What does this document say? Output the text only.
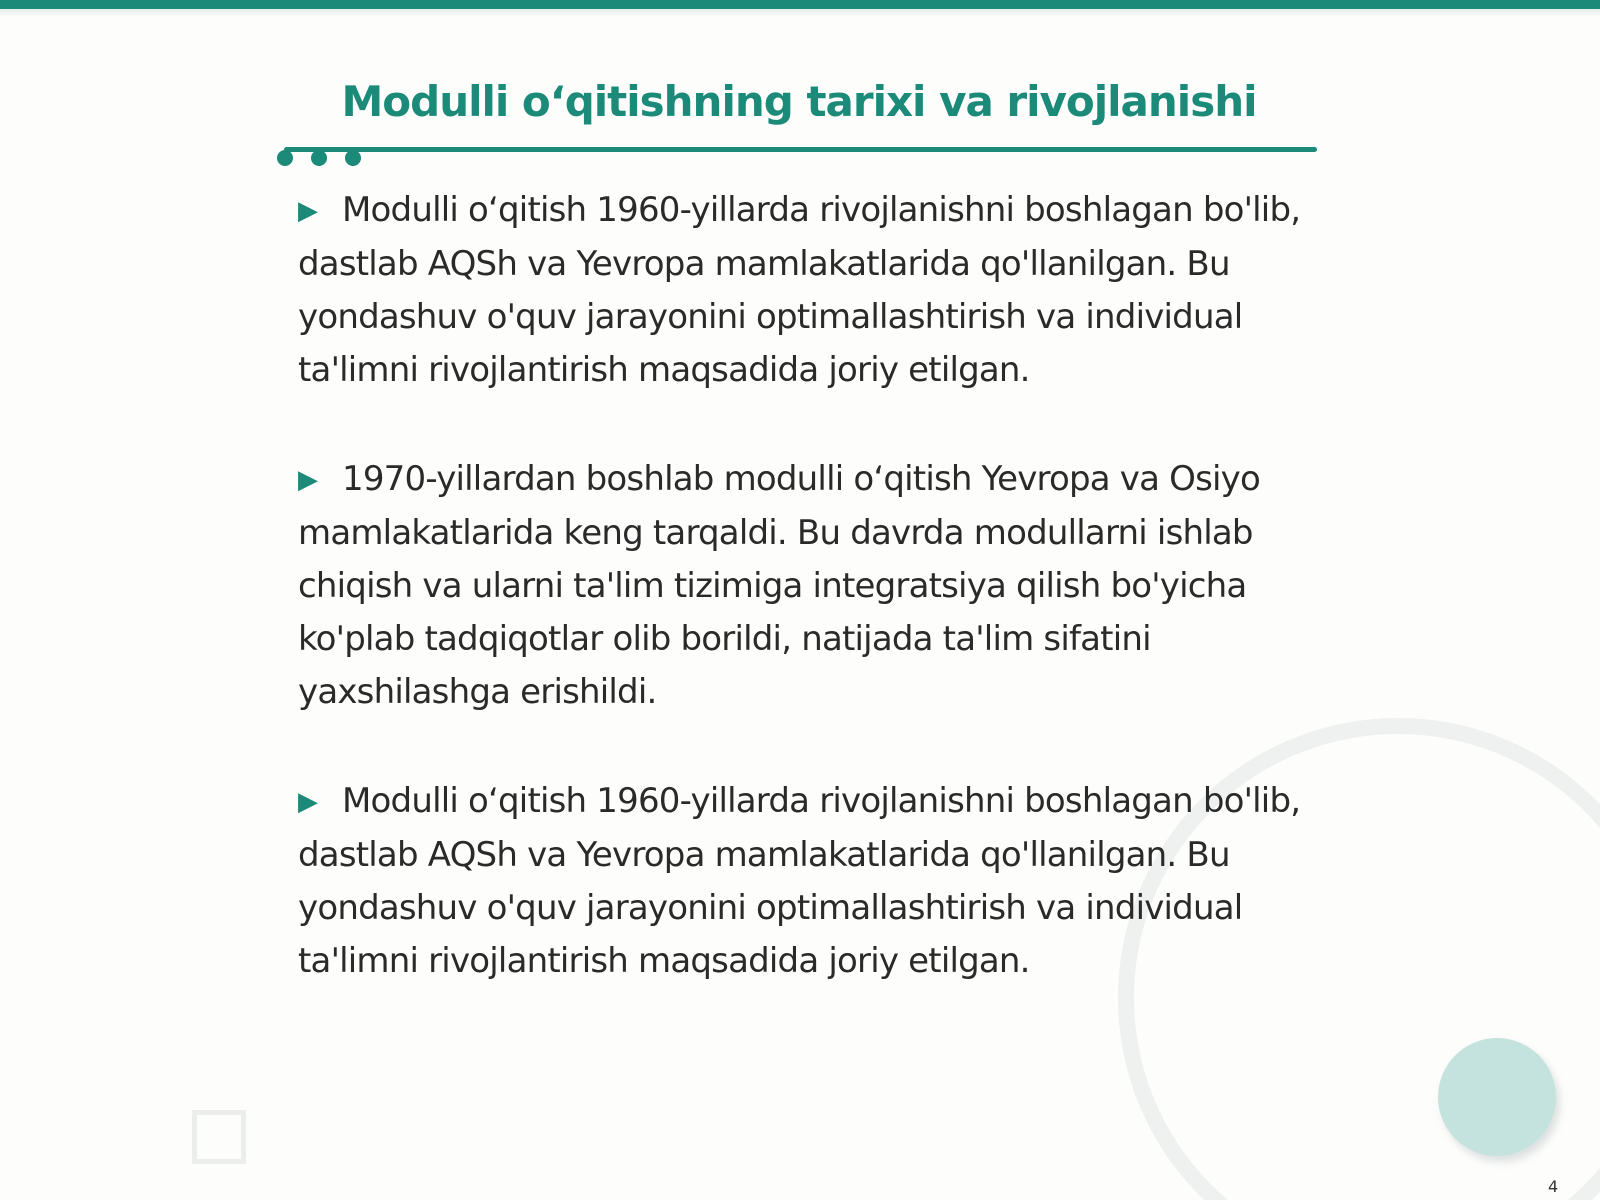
Modulli o‘qitishning tarixi va rivojlanishi

▶ Modulli o‘qitish 1960-yillarda rivojlanishni boshlagan bo'lib, dastlab AQSh va Yevropa mamlakatlarida qo'llanilgan. Bu yondashuv o'quv jarayonini optimallashtirish va individual ta'limni rivojlantirish maqsadida joriy etilgan.

▶ 1970-yillardan boshlab modulli o‘qitish Yevropa va Osiyo mamlakatlarida keng tarqaldi. Bu davrda modullarni ishlab chiqish va ularni ta'lim tizimiga integratsiya qilish bo'yicha ko'plab tadqiqotlar olib borildi, natijada ta'lim sifatini yaxshilashga erishildi.

▶ Modulli o‘qitish 1960-yillarda rivojlanishni boshlagan bo'lib, dastlab AQSh va Yevropa mamlakatlarida qo'llanilgan. Bu yondashuv o'quv jarayonini optimallashtirish va individual ta'limni rivojlantirish maqsadida joriy etilgan.

4
